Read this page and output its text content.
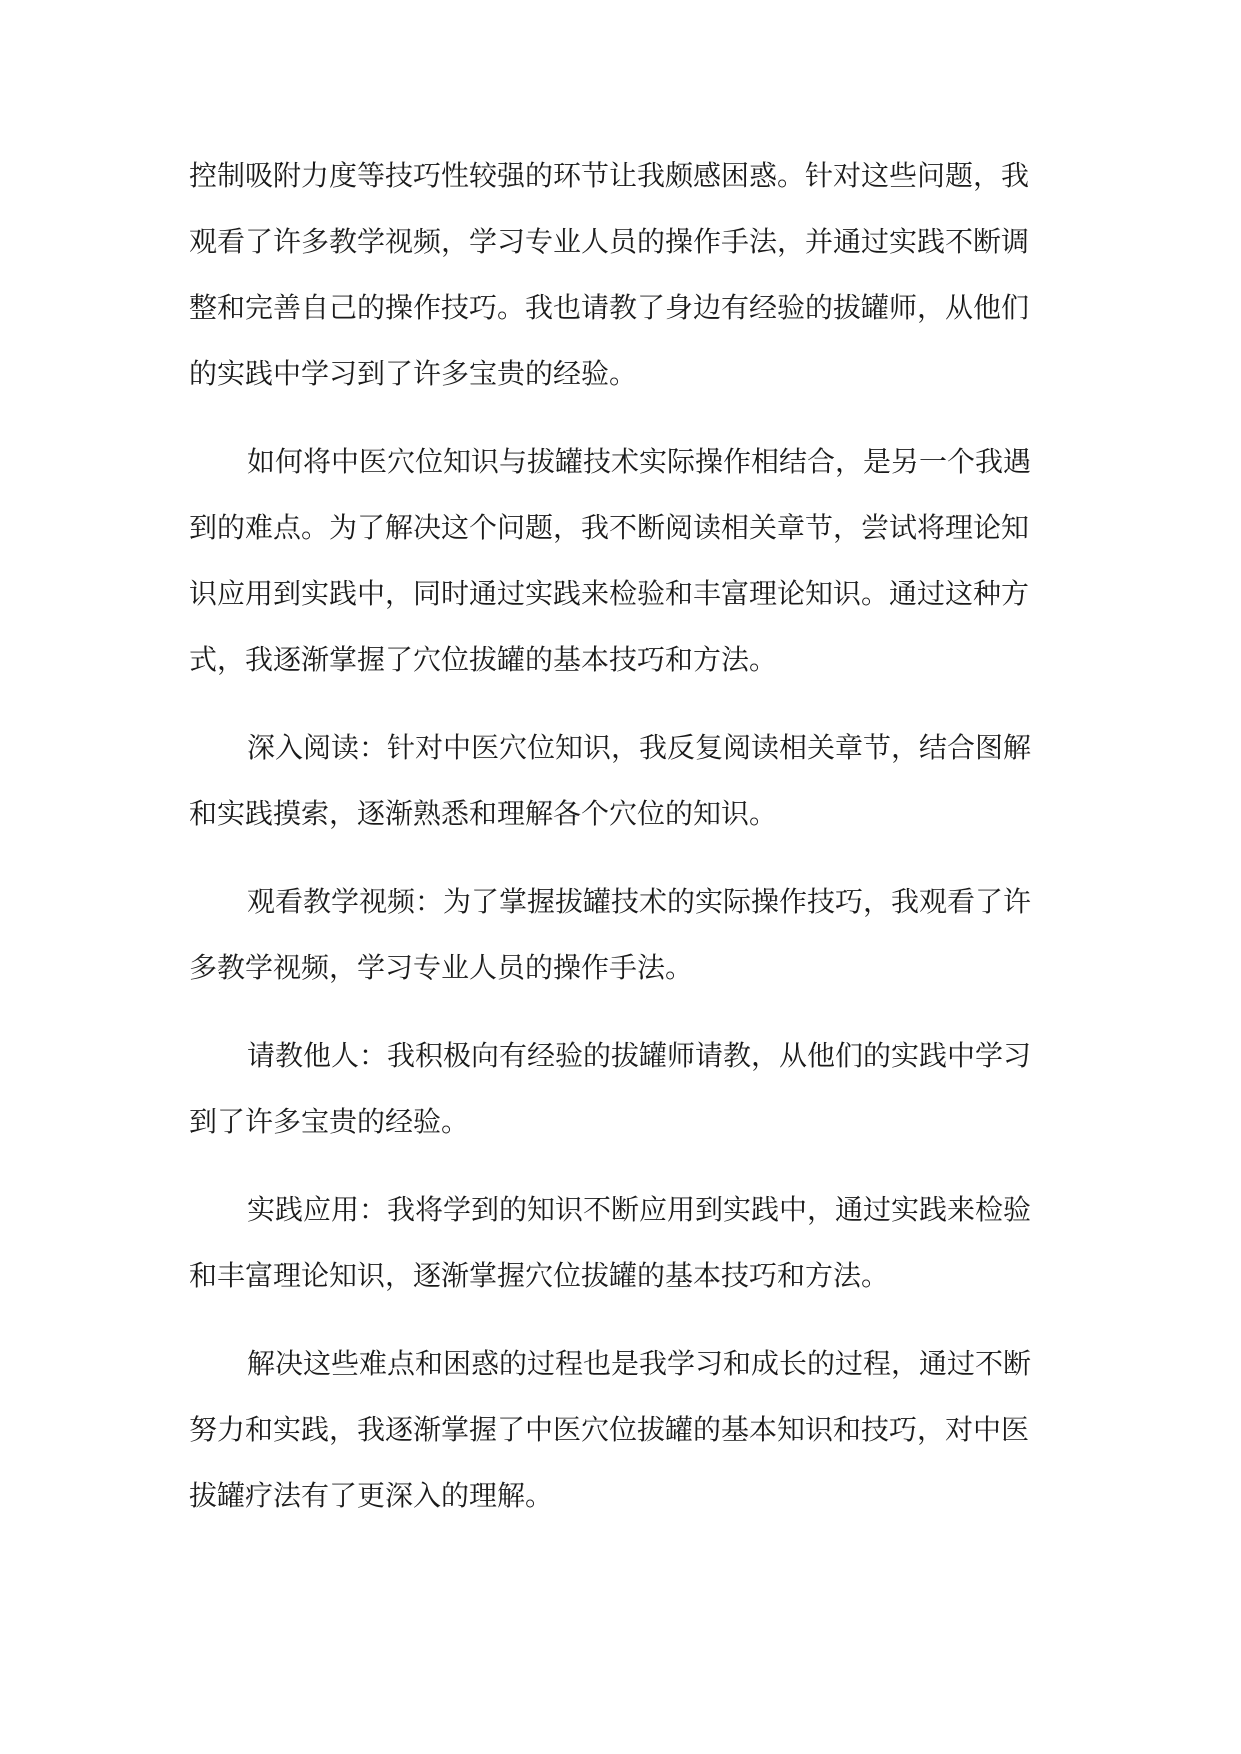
控制吸附力度等技巧性较强的环节让我颇感困惑。针对这些问题，我
观看了许多教学视频，学习专业人员的操作手法，并通过实践不断调
整和完善自己的操作技巧。我也请教了身边有经验的拔罐师，从他们
的实践中学习到了许多宝贵的经验。
如何将中医穴位知识与拔罐技术实际操作相结合，是另一个我遇
到的难点。为了解决这个问题，我不断阅读相关章节，尝试将理论知
识应用到实践中，同时通过实践来检验和丰富理论知识。通过这种方
式，我逐渐掌握了穴位拔罐的基本技巧和方法。
深入阅读：针对中医穴位知识，我反复阅读相关章节，结合图解
和实践摸索，逐渐熟悉和理解各个穴位的知识。
观看教学视频：为了掌握拔罐技术的实际操作技巧，我观看了许
多教学视频，学习专业人员的操作手法。
请教他人：我积极向有经验的拔罐师请教，从他们的实践中学习
到了许多宝贵的经验。
实践应用：我将学到的知识不断应用到实践中，通过实践来检验
和丰富理论知识，逐渐掌握穴位拔罐的基本技巧和方法。
解决这些难点和困惑的过程也是我学习和成长的过程，通过不断
努力和实践，我逐渐掌握了中医穴位拔罐的基本知识和技巧，对中医
拔罐疗法有了更深入的理解。
